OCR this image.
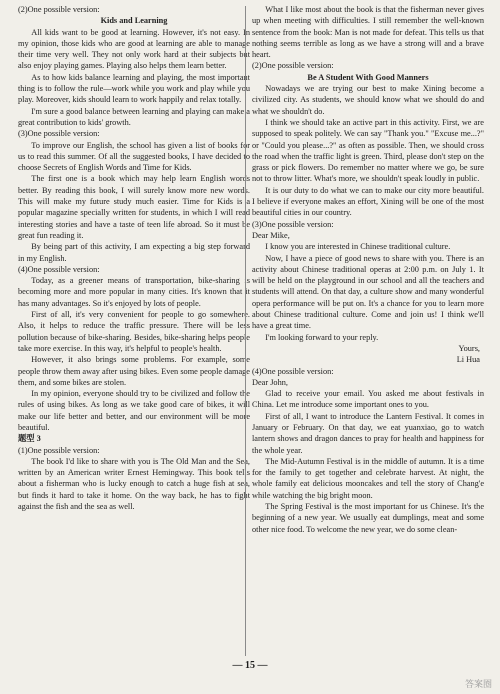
(2)One possible version:

Kids and Learning

All kids want to be good at learning. However, it's not easy. In my opinion, those kids who are good at learning are able to manage their time very well. They not only work hard at their subjects but also enjoy playing games. Playing also helps them learn better.

As to how kids balance learning and playing, the most important thing is to follow the rule—work while you work and play while you play. Moreover, kids should learn to work happily and relax totally.

I'm sure a good balance between learning and playing can make a great contribution to kids' growth.

(3)One possible version:

To improve our English, the school has given a list of books for us to read this summer. Of all the suggested books, I have decided to choose Secrets of English Words and Time for Kids.

The first one is a book which may help learn English words better. By reading this book, I will surely know more new words. This will make my future study much easier. Time for Kids is a popular magazine specially written for students, in which I will read interesting stories and have a taste of teen life abroad. So it must be great fun reading it.

By being part of this activity, I am expecting a big step forward in my English.

(4)One possible version:

Today, as a greener means of transportation, bike-sharing is becoming more and more popular in many cities. It's known that it has many advantages. So it's enjoyed by lots of people.

First of all, it's very convenient for people to go somewhere. Also, it helps to reduce the traffic pressure. There will be less pollution because of bike-sharing. Besides, bike-sharing helps people take more exercise. In this way, it's helpful to people's health.

However, it also brings some problems. For example, some people throw them away after using bikes. Even some people damage them, and some bikes are stolen.

In my opinion, everyone should try to be civilized and follow the rules of using bikes. As long as we take good care of bikes, it will make our life better and better, and our environment will be more beautiful.

题型 3

(1)One possible version:

The book I'd like to share with you is The Old Man and the Sea, written by an American writer Ernest Hemingway. This book tells about a fisherman who is lucky enough to catch a huge fish at sea, but finds it hard to take it home. On the way back, he has to fight against the fish and the sea as well.

What I like most about the book is that the fisherman never gives up when meeting with difficulties. I still remember the well-known sentence from the book: Man is not made for defeat. This tells us that nothing seems terrible as long as we have a strong will and a brave heart.

(2)One possible version:

Be A Student With Good Manners

Nowadays we are trying our best to make Xining become a civilized city. As students, we should know what we should do and what we shouldn't do.

I think we should take an active part in this activity. First, we are supposed to speak politely. We can say "Thank you." "Excuse me...?" or "Could you please...?" as often as possible. Then, we should cross the road when the traffic light is green. Third, please don't step on the grass or pick flowers. Do remember no matter where we go, be sure not to throw litter. What's more, we shouldn't speak loudly in public.

It is our duty to do what we can to make our city more beautiful. I believe if everyone makes an effort, Xining will be one of the most beautiful cities in our country.

(3)One possible version:

Dear Mike,

I know you are interested in Chinese traditional culture.

Now, I have a piece of good news to share with you. There is an activity about Chinese traditional operas at 2:00 p.m. on July 1. It will be held on the playground in our school and all the teachers and students will attend. On that day, a culture show and many wonderful opera performance will be put on. It's a chance for you to learn more about Chinese traditional culture. Come and join us! I think we'll have a great time.

I'm looking forward to your reply.

Yours,

Li Hua

(4)One possible version:

Dear John,

Glad to receive your email. You asked me about festivals in China. Let me introduce some important ones to you.

First of all, I want to introduce the Lantern Festival. It comes in January or February. On that day, we eat yuanxiao, go to watch lantern shows and dragon dances to pray for health and happiness for the whole year.

The Mid-Autumn Festival is in the middle of autumn. It is a time for the family to get together and celebrate harvest. At night, the whole family eat delicious mooncakes and tell the story of Chang'e while watching the big bright moon.

The Spring Festival is the most important for us Chinese. It's the beginning of a new year. We usually eat dumplings, meat and some other nice food. To welcome the new year, we do some clean-

— 15 —
答案圈
